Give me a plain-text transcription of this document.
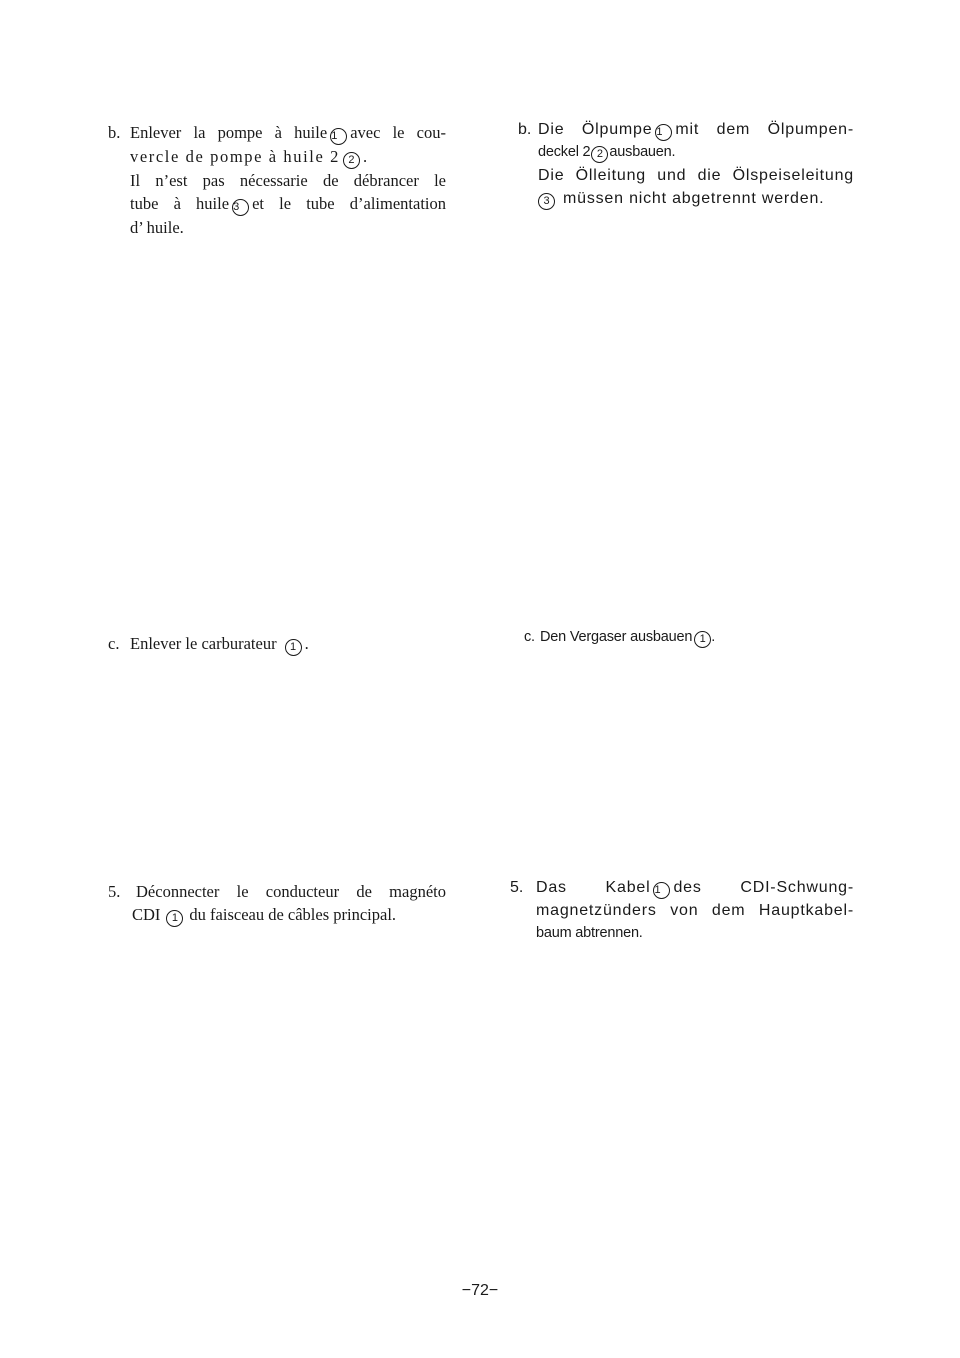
b. Enlever la pompe à huile 1 avec le cou-
vercle de pompe à huile 2 2 .
Il n’est pas nécessarie de débrancer le
tube à huile 3 et le tube d’alimentation
d’ huile.
b. Die Ölpumpe 1 mit dem Ölpumpen-
deckel 2 2 ausbauen.
Die Ölleitung und die Ölspeiseleitung
3 müssen nicht abgetrennt werden.
c. Enlever le carburateur 1 .	c. Den Vergaser ausbauen 1 .
5. Déconnecter le conducteur de magnéto
CDI 1 du faisceau de câbles principal.
5. Das Kabel 1 des CDI-Schwung-
magnetzünders von dem Hauptkabel-
baum abtrennen.
−72−
